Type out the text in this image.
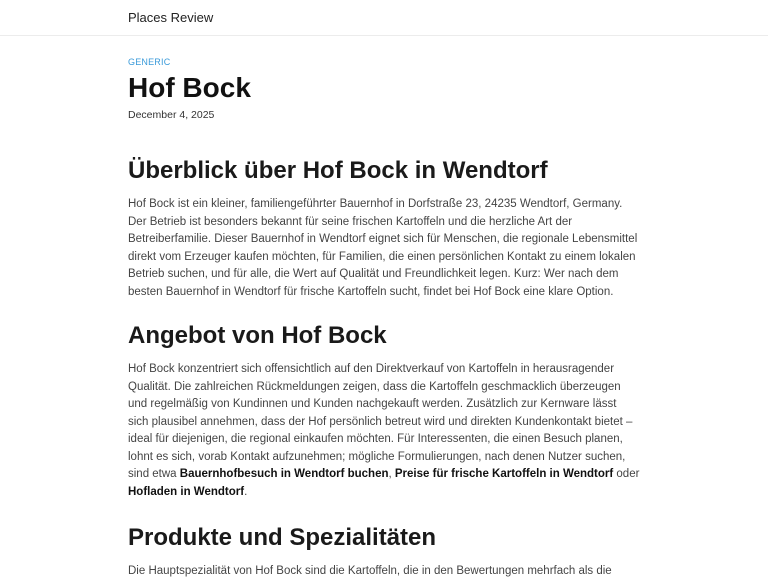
Places Review
GENERIC
Hof Bock
December 4, 2025
Überblick über Hof Bock in Wendtorf

Hof Bock ist ein kleiner, familiengeführter Bauernhof in Dorfstraße 23, 24235 Wendtorf, Germany. Der Betrieb ist besonders bekannt für seine frischen Kartoffeln und die herzliche Art der Betreiberfamilie. Dieser Bauernhof in Wendtorf eignet sich für Menschen, die regionale Lebensmittel direkt vom Erzeuger kaufen möchten, für Familien, die einen persönlichen Kontakt zu einem lokalen Betrieb suchen, und für alle, die Wert auf Qualität und Freundlichkeit legen. Kurz: Wer nach dem besten Bauernhof in Wendtorf für frische Kartoffeln sucht, findet bei Hof Bock eine klare Option.

Angebot von Hof Bock

Hof Bock konzentriert sich offensichtlich auf den Direktverkauf von Kartoffeln in herausragender Qualität. Die zahlreichen Rückmeldungen zeigen, dass die Kartoffeln geschmacklich überzeugen und regelmäßig von Kundinnen und Kunden nachgekauft werden. Zusätzlich zur Kernware lässt sich plausibel annehmen, dass der Hof persönlich betreut wird und direkten Kundenkontakt bietet – ideal für diejenigen, die regional einkaufen möchten. Für Interessenten, die einen Besuch planen, lohnt es sich, vorab Kontakt aufzunehmen; mögliche Formulierungen, nach denen Nutzer suchen, sind etwa Bauernhofbesuch in Wendtorf buchen, Preise für frische Kartoffeln in Wendtorf oder Hofladen in Wendtorf.

Produkte und Spezialitäten

Die Hauptspezialität von Hof Bock sind die Kartoffeln, die in den Bewertungen mehrfach als die
